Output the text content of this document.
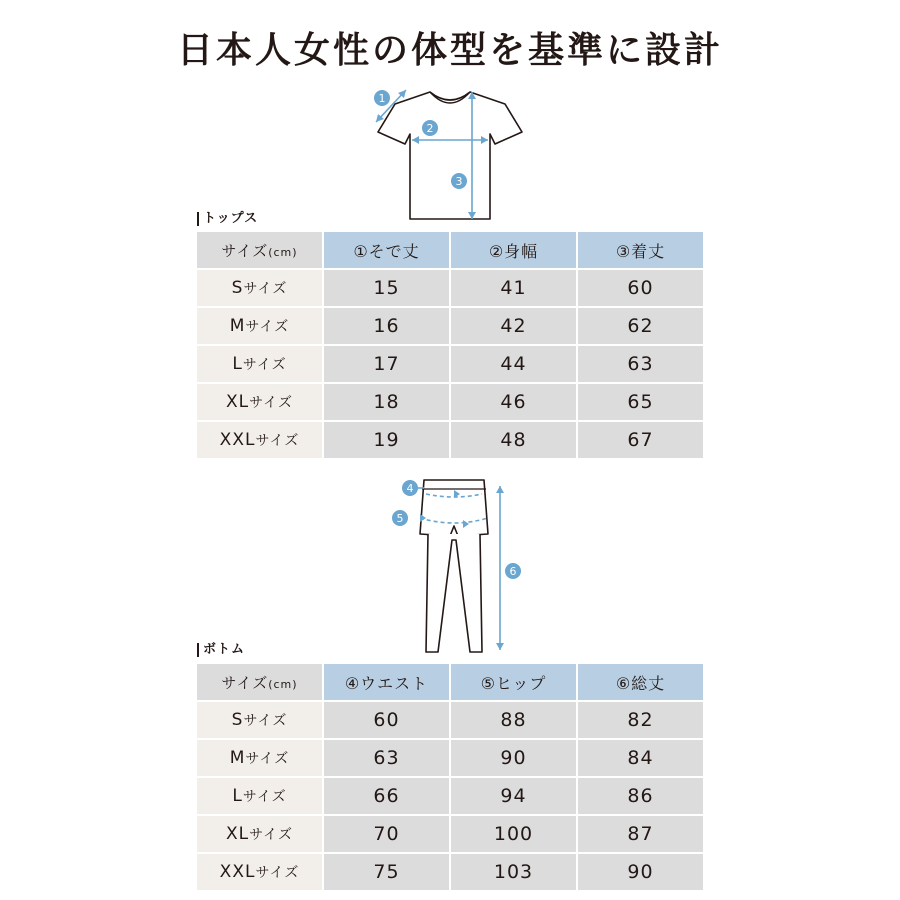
日本人女性の体型を基準に設計
1
2
3
トップス
サイズ(cm)	①そで丈	②身幅	③着丈
Sサイズ	15	41	60
Mサイズ	16	42	62
Lサイズ	17	44	63
XLサイズ	18	46	65
XXLサイズ	19	48	67
4
5
6
ボトム
サイズ(cm)	④ウエスト	⑤ヒップ	⑥総丈
Sサイズ	60	88	82
Mサイズ	63	90	84
Lサイズ	66	94	86
XLサイズ	70	100	87
XXLサイズ	75	103	90
